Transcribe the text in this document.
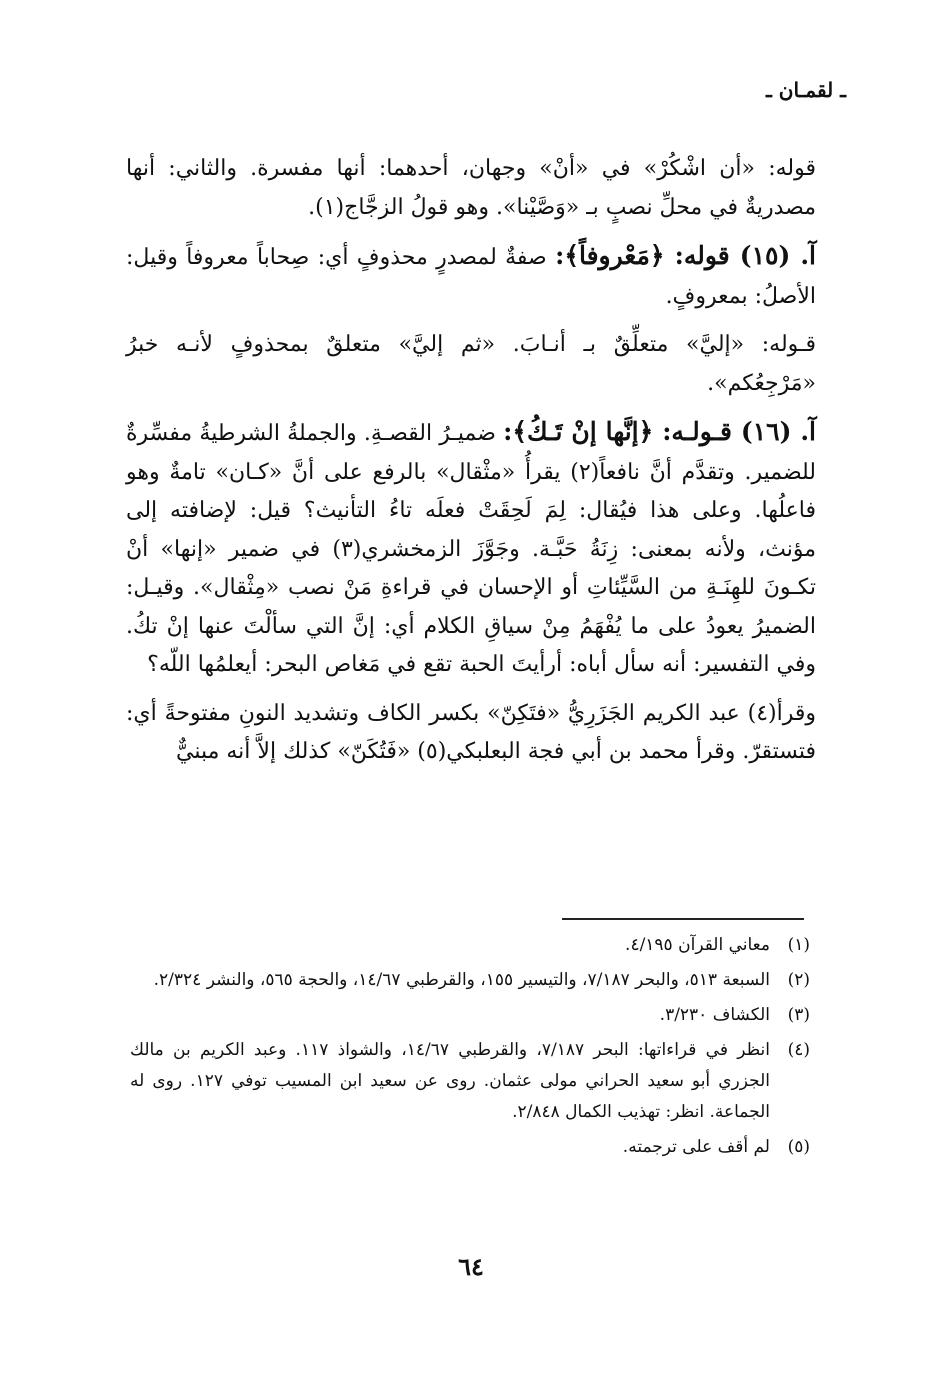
ـ لقمـان ـ

قوله: «أن اشْكُرْ» في «أنْ» وجهان، أحدهما: أنها مفسرة. والثاني: أنها مصدريةٌ في محلِّ نصبٍ بـ «وَصَّيْنا». وهو قولُ الزجَّاج(١).

آ. (١٥) قوله: ﴿مَعْروفاً﴾: صفةٌ لمصدرٍ محذوفٍ أي: صِحاباً معروفاً وقيل: الأصلُ: بمعروفٍ.

قـوله: «إليَّ» متعلِّقٌ بـ أنـابَ. «ثم إليَّ» متعلقٌ بمحذوفٍ لأنـه خبرُ «مَرْجِعُكم».

آ. (١٦) قـولـه: ﴿إنَّها إنْ تَـكُ﴾: ضميـرُ القصـةِ. والجملةُ الشرطيةُ مفسِّرةٌ للضمير. وتقدَّم أنَّ نافعاً(٢) يقرأُ «مثْقال» بالرفع على أنَّ «كـان» تامةٌ وهو فاعلُها. وعلى هذا فيُقال: لِمَ لَحِقَتْ فعلَه تاءُ التأنيث؟ قيل: لإضافته إلى مؤنث، ولأنه بمعنى: زِنَةُ حَبَّـة. وجَوَّزَ الزمخشري(٣) في ضمير «إنها» أنْ تكـونَ للهِنَـةِ من السَّيِّئاتِ أو الإحسان في قراءةِ مَنْ نصب «مِثْقال». وقيـل: الضميرُ يعودُ على ما يُفْهَمُ مِنْ سياقِ الكلام أي: إنَّ التي سألْتَ عنها إنْ تكُ. وفي التفسير: أنه سأل أباه: أرأيتَ الحبة تقع في مَغاص البحر: أيعلمُها اللّه؟

وقرأ(٤) عبد الكريم الجَزَرِيُّ «فتَكِنّ» بكسر الكاف وتشديد النونِ مفتوحةً أي: فتستقرّ. وقرأ محمد بن أبي فجة البعلبكي(٥) «فَتُكَنّ» كذلك إلاَّ أنه مبنيٌّ

(١)
معاني القرآن ٤/١٩٥.
(٢)
السبعة ٥١٣، والبحر ٧/١٨٧، والتيسير ١٥٥، والقرطبي ١٤/٦٧، والحجة ٥٦٥، والنشر ٢/٣٢٤.
(٣)
الكشاف ٣/٢٣٠.
(٤)
انظر في قراءاتها: البحر ٧/١٨٧، والقرطبي ١٤/٦٧، والشواذ ١١٧. وعبد الكريم بن مالك الجزري أبو سعيد الحراني مولى عثمان. روى عن سعيد ابن المسيب توفي ١٢٧. روى له الجماعة. انظر: تهذيب الكمال ٢/٨٤٨.
(٥)
لم أقف على ترجمته.
٦٤
